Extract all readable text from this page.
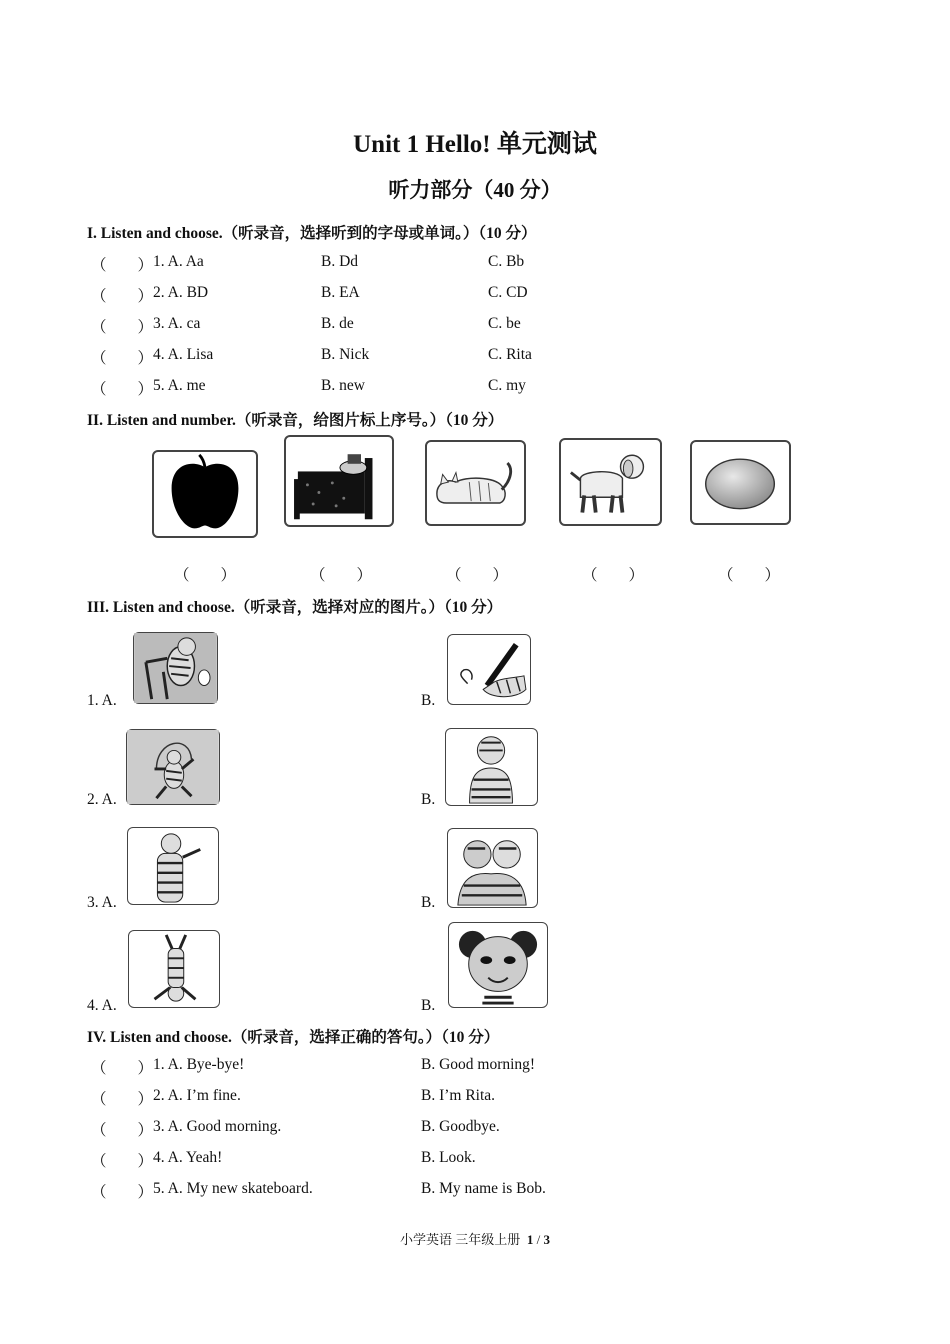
Unit 1 Hello! 单元测试
听力部分（40 分）
I. Listen and choose.（听录音，选择听到的字母或单词。）（10 分）
（　　） 1. A. Aa	B. Dd	C. Bb
（　　） 2. A. BD	B. EA	C. CD
（　　） 3. A. ca	B. de	C. be
（　　） 4. A. Lisa	B. Nick	C. Rita
（　　） 5. A. me	B. new	C. my
II. Listen and number.（听录音，给图片标上序号。）（10 分）
（　　）	（　　）	（　　）	（　　）	（　　）
III. Listen and choose.（听录音，选择对应的图片。）（10 分）
1. A.	B.
2. A.	B.
3. A.	B.
4. A.	B.
IV. Listen and choose.（听录音，选择正确的答句。）（10 分）
（　　） 1. A. Bye-bye!	B. Good morning!
（　　） 2. A. I’m fine.	B. I’m Rita.
（　　） 3. A. Good morning.	B. Goodbye.
（　　） 4. A. Yeah!	B. Look.
（　　） 5. A. My new skateboard.	B. My name is Bob.
小学英语 三年级上册 1 / 3
